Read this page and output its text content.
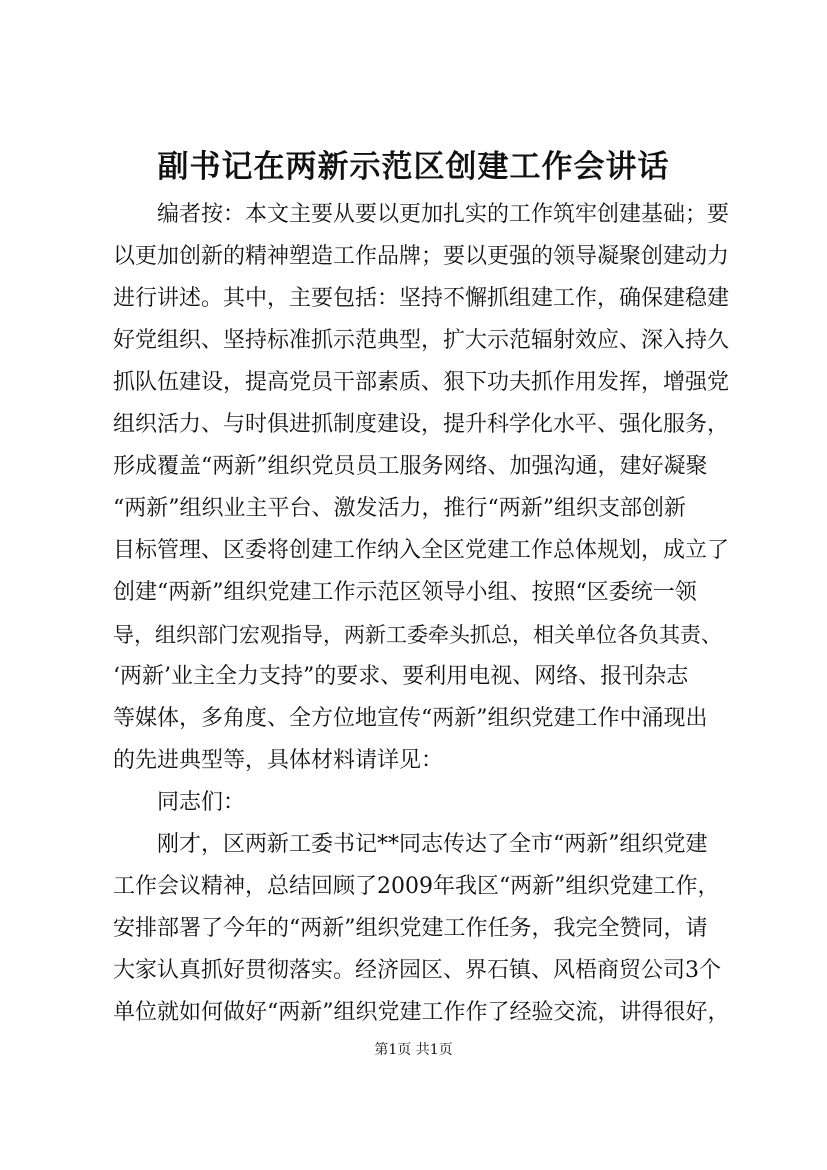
副书记在两新示范区创建工作会讲话
　　编者按：本文主要从要以更加扎实的工作筑牢创建基础；要
以更加创新的精神塑造工作品牌；要以更强的领导凝聚创建动力
进行讲述。其中，主要包括：坚持不懈抓组建工作，确保建稳建
好党组织、坚持标准抓示范典型，扩大示范辐射效应、深入持久
抓队伍建设，提高党员干部素质、狠下功夫抓作用发挥，增强党
组织活力、与时俱进抓制度建设，提升科学化水平、强化服务，
形成覆盖“两新”组织党员员工服务网络、加强沟通，建好凝聚
“两新”组织业主平台、激发活力，推行“两新”组织支部创新
目标管理、区委将创建工作纳入全区党建工作总体规划，成立了
创建“两新”组织党建工作示范区领导小组、按照“区委统一领
导，组织部门宏观指导，两新工委牵头抓总，相关单位各负其责、
‘两新’业主全力支持”的要求、要利用电视、网络、报刊杂志
等媒体，多角度、全方位地宣传“两新”组织党建工作中涌现出
的先进典型等，具体材料请详见：
　　同志们：
　　刚才，区两新工委书记**同志传达了全市“两新”组织党建
工作会议精神，总结回顾了2009年我区“两新”组织党建工作，
安排部署了今年的“两新”组织党建工作任务，我完全赞同，请
大家认真抓好贯彻落实。经济园区、界石镇、风梧商贸公司3个
单位就如何做好“两新”组织党建工作作了经验交流，讲得很好，
第1页 共1页
